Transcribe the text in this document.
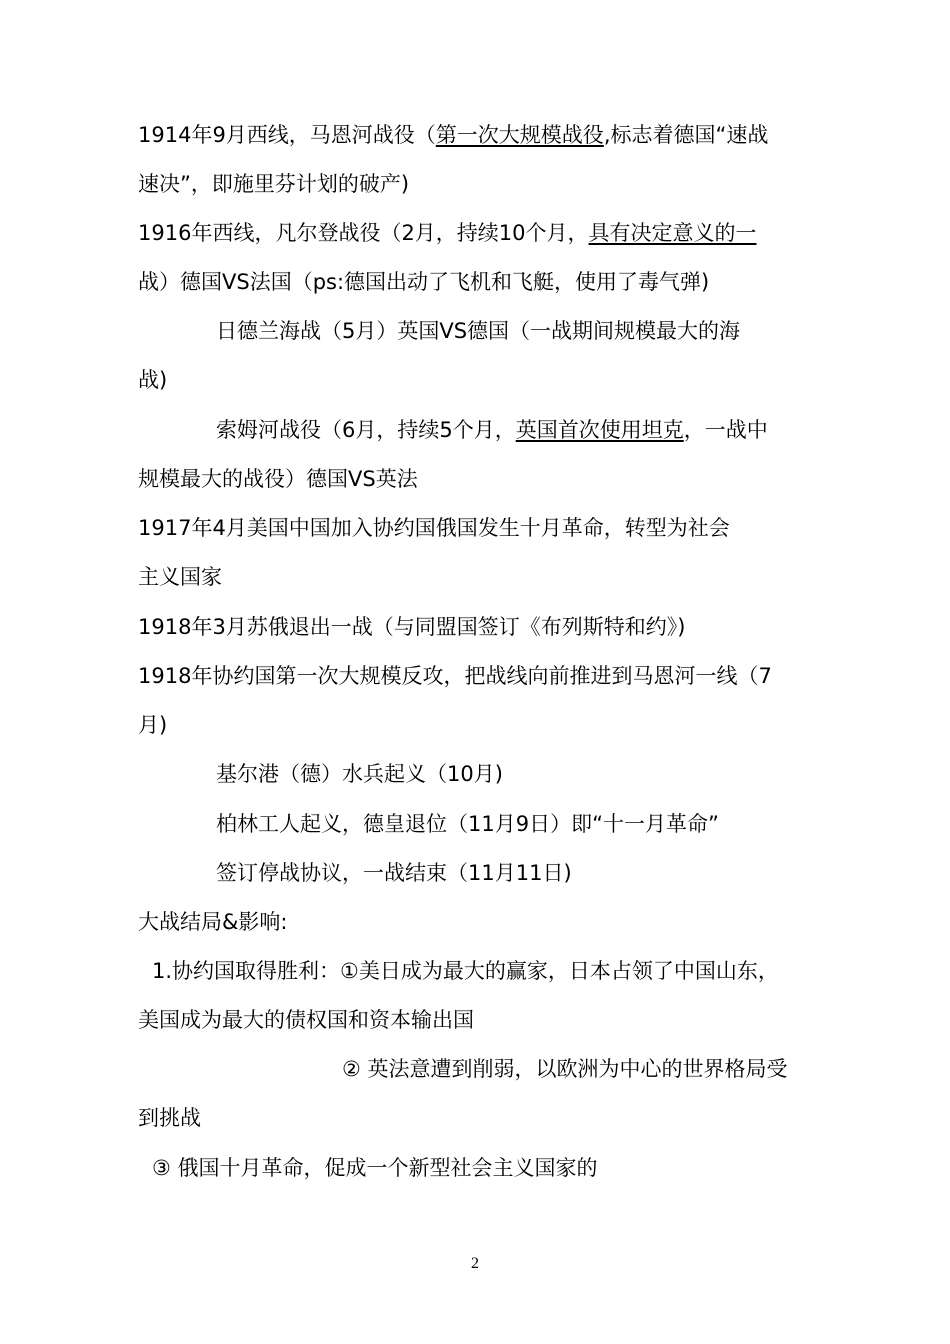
1914年9月西线，马恩河战役（第一次大规模战役,标志着德国“速战
速决”，即施里芬计划的破产)
1916年西线，凡尔登战役（2月，持续10个月，具有决定意义的一
战）德国VS法国（ps:德国出动了飞机和飞艇，使用了毒气弹)
日德兰海战（5月）英国VS德国（一战期间规模最大的海
战)
索姆河战役（6月，持续5个月，英国首次使用坦克，一战中
规模最大的战役）德国VS英法
1917年4月美国中国加入协约国俄国发生十月革命，转型为社会
主义国家
1918年3月苏俄退出一战（与同盟国签订《布列斯特和约》)
1918年协约国第一次大规模反攻，把战线向前推进到马恩河一线（7
月)
基尔港（德）水兵起义（10月)
柏林工人起义，德皇退位（11月9日）即“十一月革命”
签订停战协议，一战结束（11月11日)
大战结局&影响:
1.协约国取得胜利：①美日成为最大的赢家，日本占领了中国山东，
美国成为最大的债权国和资本输出国
② 英法意遭到削弱，以欧洲为中心的世界格局受
到挑战
③ 俄国十月革命，促成一个新型社会主义国家的
2
